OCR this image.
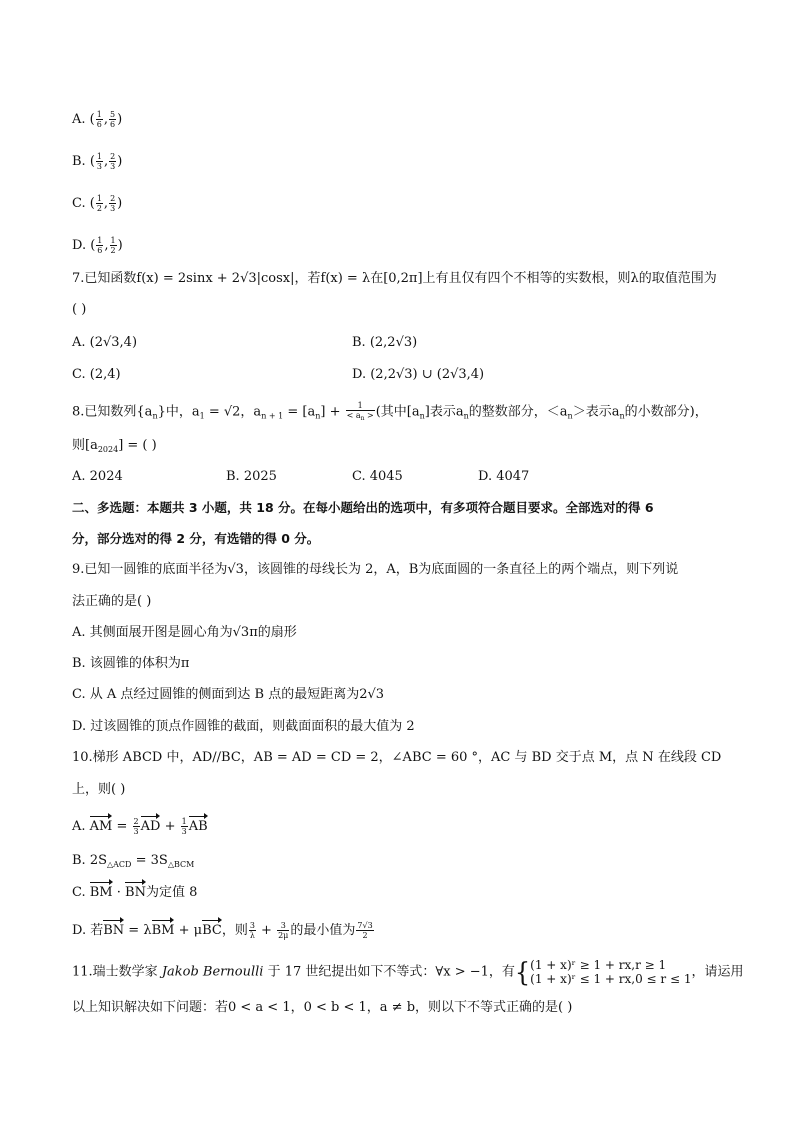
A. ( $\frac{1}{6}$ , $\frac{5}{6}$ )
B. ( $\frac{1}{3}$ , $\frac{2}{3}$ )
C. ( $\frac{1}{2}$ , $\frac{2}{3}$ )
D. ( $\frac{1}{6}$ , $\frac{1}{2}$ )
7.已知函数f(x) = 2sinx + 2√3|cosx|，若f(x) = λ在[0,2π]上有且仅有四个不相等的实数根，则λ的取值范围为
( )
A. (2√3,4)	B. (2,2√3)
C. (2,4)	D. (2,2√3) ∪ (2√3,4)
8.已知数列$\{a_n\}$中，$a_1 = √2$，$a_{n + 1} = [a_n] + \frac{1}{< a_n >}$ (其中$[a_n]$表示$a_n$的整数部分，$<a_n>$表示$a_n$的小数部分)，
则$[a_{2024}]$ = ( )
A. 2024	B. 2025	C. 4045	D. 4047
二、多选题：本题共 3 小题，共 18 分。在每小题给出的选项中，有多项符合题目要求。全部选对的得 6
分，部分选对的得 2 分，有选错的得 0 分。
9.已知一圆锥的底面半径为√3，该圆锥的母线长为 2，A，B为底面圆的一条直径上的两个端点，则下列说
法正确的是( )
A. 其侧面展开图是圆心角为√3π的扇形
B. 该圆锥的体积为π
C. 从 A 点经过圆锥的侧面到达 B 点的最短距离为2√3
D. 过该圆锥的顶点作圆锥的截面，则截面面积的最大值为 2
10.梯形 ABCD 中，AD//BC，AB = AD = CD = 2，∠ABC = 60 °，AC 与 BD 交于点 M，点 N 在线段 CD
上，则( )
A. AM = $\frac{2}{3}$ AD + $\frac{1}{3}$ AB
B. $2S_{\triangle ACD} = 3S_{\triangle BCM}$
C. BM · BN为定值 8
D. 若BN = λBM + μBC，则 $\frac{3}{\lambda} + \frac{3}{2\mu}$ 的最小值为 $\frac{7√3}{2}$
11.瑞士数学家 Jakob Bernoulli 于 17 世纪提出如下不等式：∀x > −1，有{ (1 + x)ʳ ≥ 1 + rx,r ≥ 1
(1 + x)ʳ ≤ 1 + rx,0 ≤ r ≤ 1 ，请运用
以上知识解决如下问题：若0 < a < 1，0 < b < 1，a ≠ b，则以下不等式正确的是( )
